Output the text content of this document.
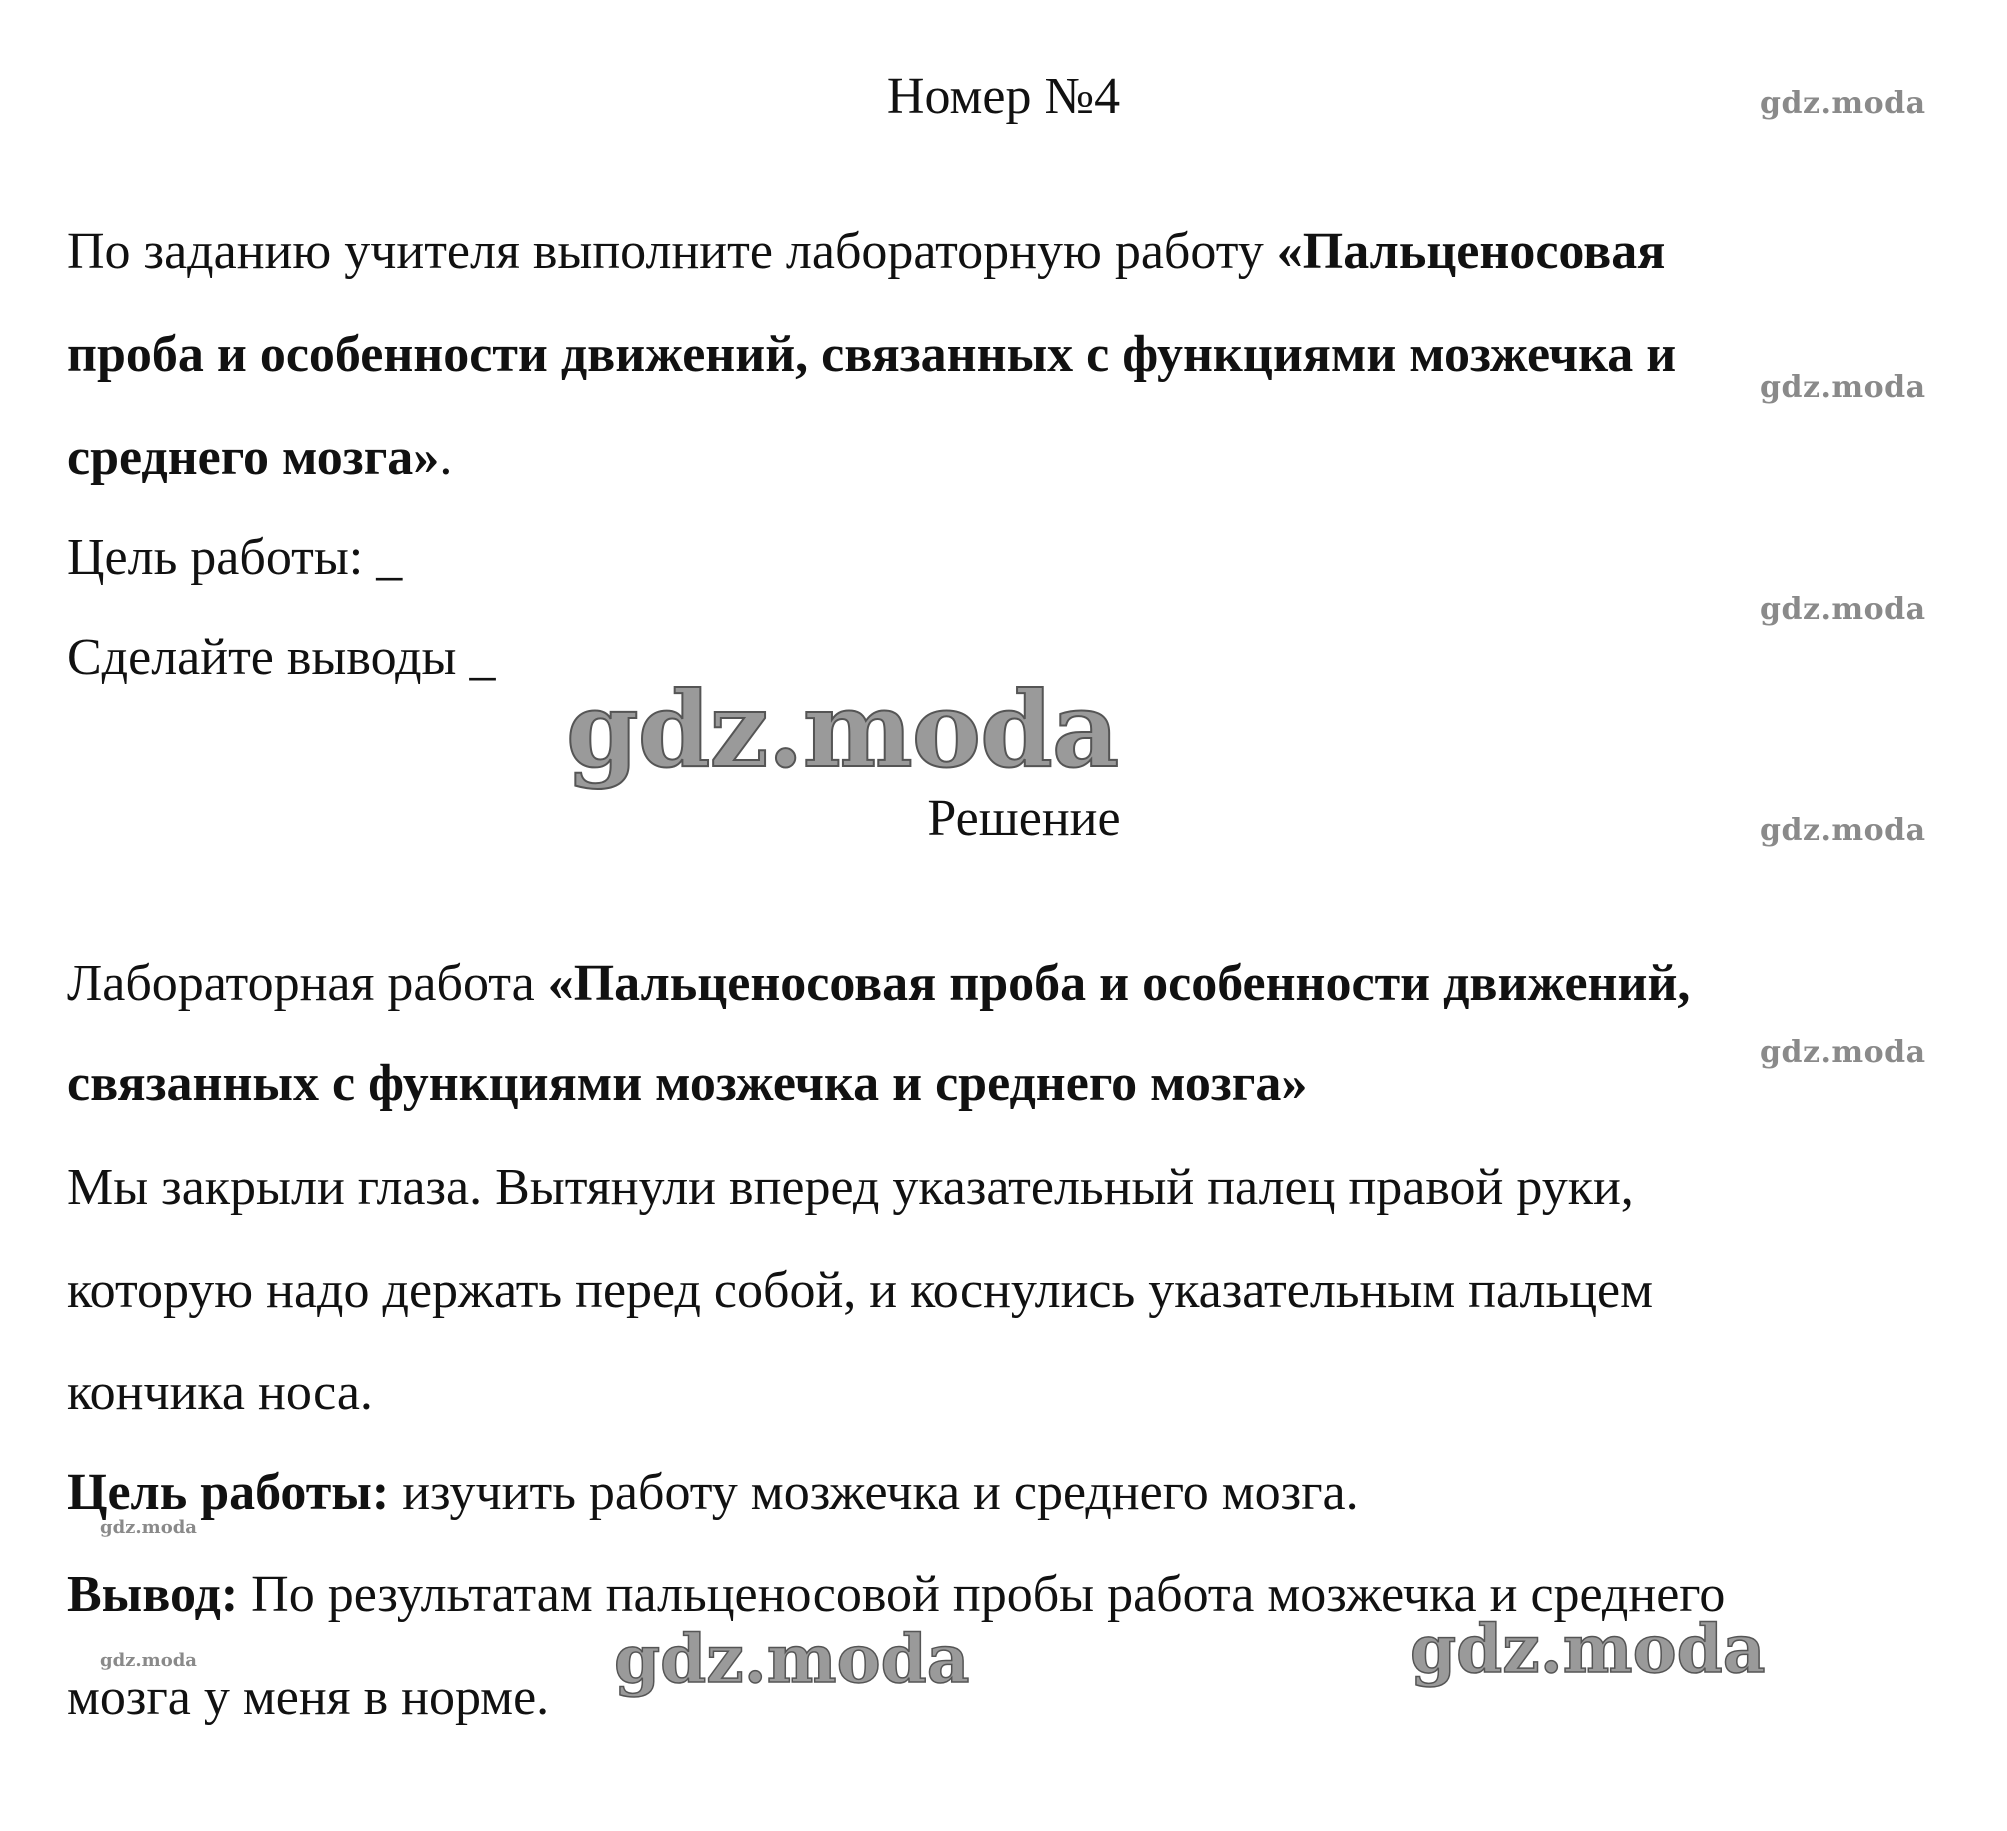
Номер №4

По заданию учителя выполните лабораторную работу «Пальценосовая

проба и особенности движений, связанных с функциями мозжечка и

среднего мозга».

Цель работы: _

Сделайте выводы _

Решение

Лабораторная работа «Пальценосовая проба и особенности движений,

связанных с функциями мозжечка и среднего мозга»

Мы закрыли глаза. Вытянули вперед указательный палец правой руки,

которую надо держать перед собой, и коснулись указательным пальцем

кончика носа.

Цель работы: изучить работу мозжечка и среднего мозга.

Вывод: По результатам пальценосовой пробы работа мозжечка и среднего

мозга у меня в норме.

gdz.moda
gdz.moda
gdz.moda
gdz.moda
gdz.moda
gdz.moda
gdz.moda
gdz.moda
gdz.moda	gdz.moda
